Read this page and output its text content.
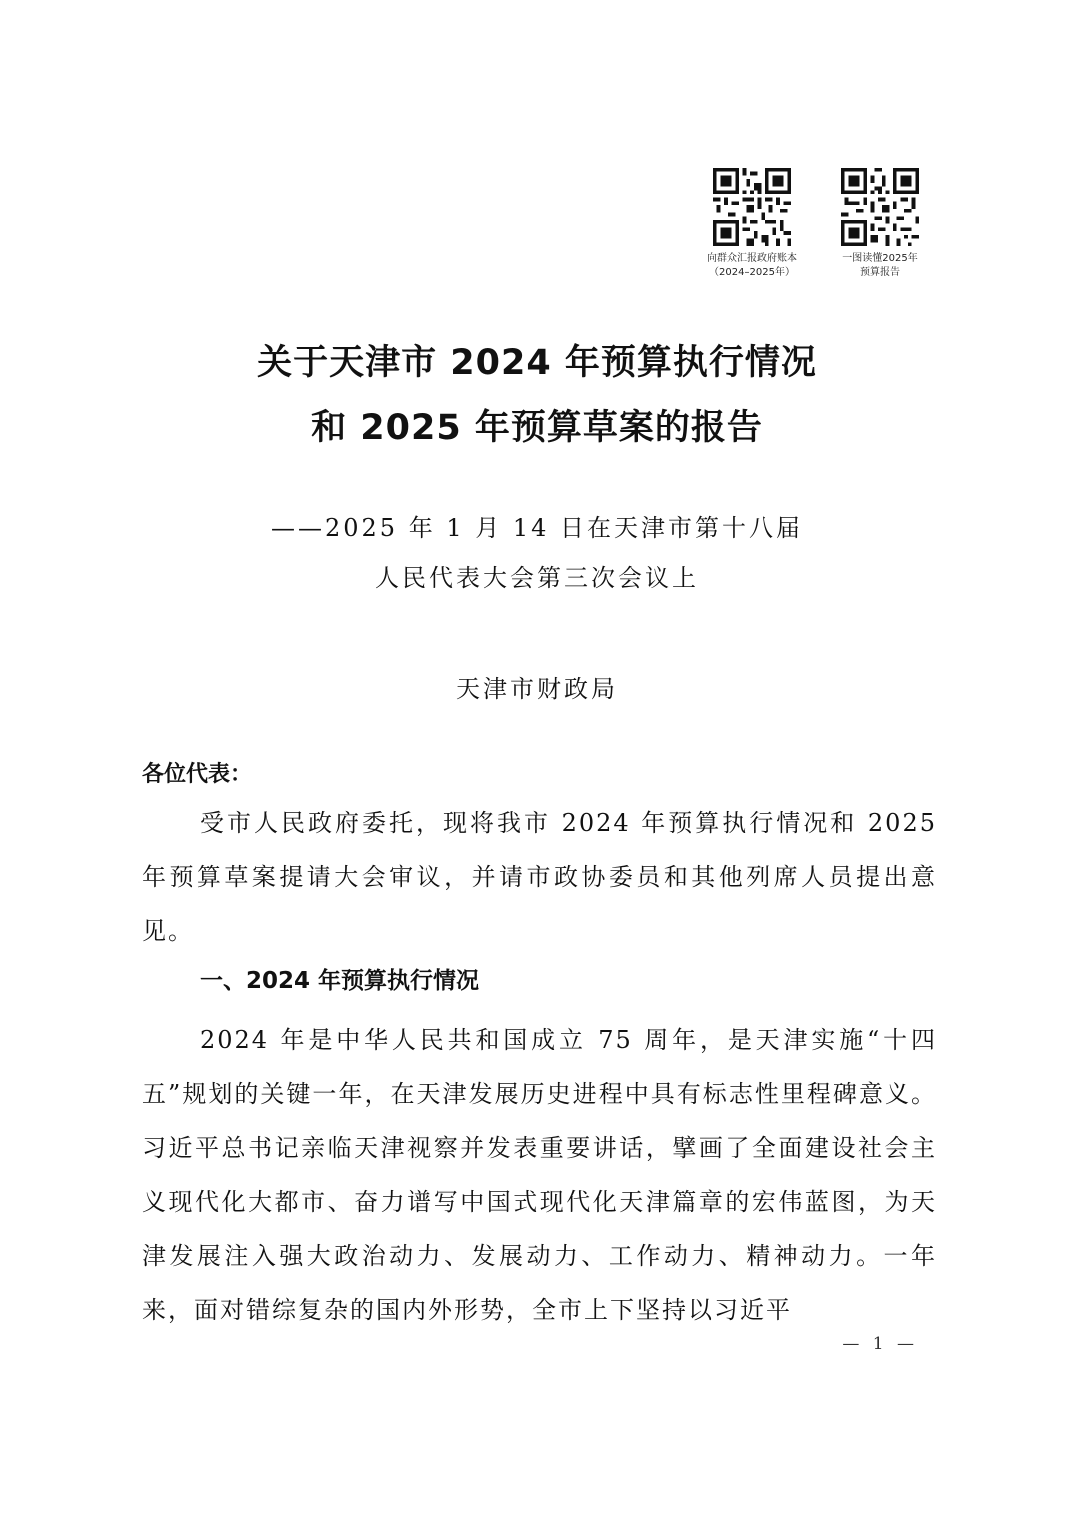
向群众汇报政府账本
（2024–2025年）
一图读懂2025年
预算报告
关于天津市 2024 年预算执行情况
和 2025 年预算草案的报告
——2025 年 1 月 14 日在天津市第十八届
人民代表大会第三次会议上
天津市财政局
各位代表：

受市人民政府委托，现将我市 2024 年预算执行情况和 2025 年预算草案提请大会审议，并请市政协委员和其他列席人员提出意见。

一、2024 年预算执行情况

2024 年是中华人民共和国成立 75 周年，是天津实施“十四五”规划的关键一年，在天津发展历史进程中具有标志性里程碑意义。习近平总书记亲临天津视察并发表重要讲话，擘画了全面建设社会主义现代化大都市、奋力谱写中国式现代化天津篇章的宏伟蓝图，为天津发展注入强大政治动力、发展动力、工作动力、精神动力。一年来，面对错综复杂的国内外形势，全市上下坚持以习近平

— 1 —
